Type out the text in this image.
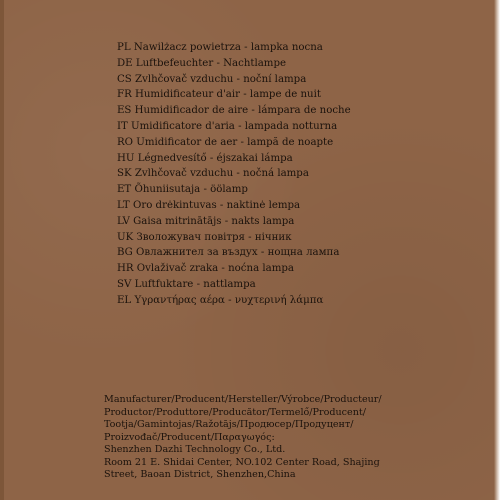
PL Nawilżacz powietrza - lampka nocna
DE Luftbefeuchter - Nachtlampe
CS Zvlhčovač vzduchu - noční lampa
FR Humidificateur d'air - lampe de nuit
ES Humidificador de aire - lámpara de noche
IT Umidificatore d'aria - lampada notturna
RO Umidificator de aer - lampă de noapte
HU Légnedvesítő - éjszakai lámpa
SK Zvlhčovač vzduchu - nočná lampa
ET Õhuniisutaja - öölamp
LT Oro drėkintuvas - naktinė lempa
LV Gaisa mitrinātājs - nakts lampa
UK Зволожувач повітря - нічник
BG Овлажнител за въздух - нощна лампа
HR Ovlaživač zraka - noćna lampa
SV Luftfuktare - nattlampa
EL Υγραντήρας αέρα - νυχτερινή λάμπα
Manufacturer/Producent/Hersteller/Výrobce/Producteur/
Productor/Produttore/Producător/Termelő/Producent/
Tootja/Gamintojas/Ražotājs/Продюсер/Продуцент/
Proizvođač/Producent/Παραγωγός:
Shenzhen Dazhi Technology Co., Ltd.
Room 21 E. Shidai Center, NO.102 Center Road, Shajing
Street, Baoan District, Shenzhen,China
